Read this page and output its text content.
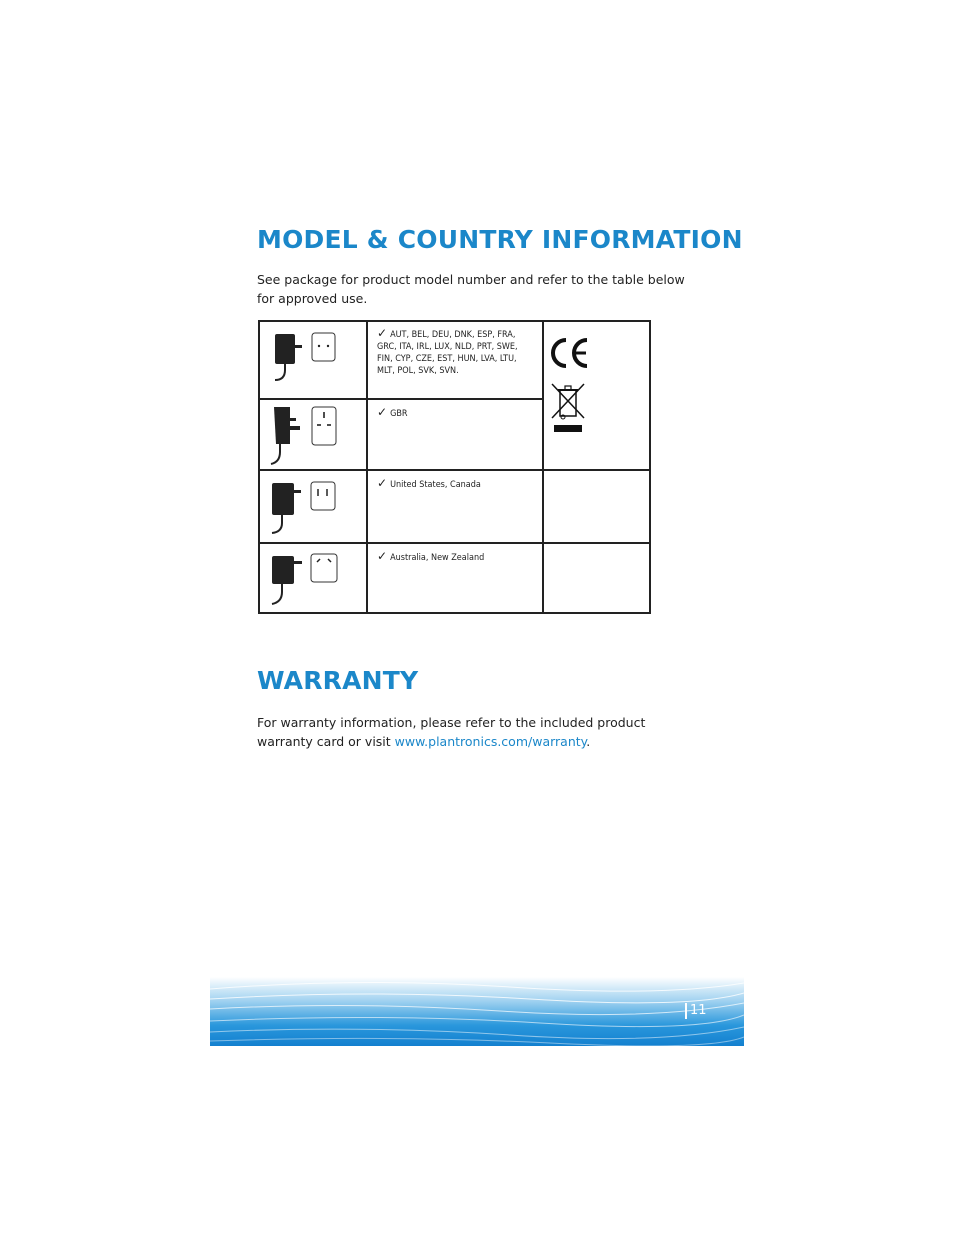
MODEL & COUNTRY INFORMATION
See package for product model number and refer to the table below
for approved use.
✓ AUT, BEL, DEU, DNK, ESP, FRA,
GRC, ITA, IRL, LUX, NLD, PRT, SWE,
FIN, CYP, CZE, EST, HUN, LVA, LTU,
MLT, POL, SVK, SVN.
✓ GBR
✓ United States, Canada
✓ Australia, New Zealand
WARRANTY
For warranty information, please refer to the included product
warranty card or visit www.plantronics.com/warranty.
11
